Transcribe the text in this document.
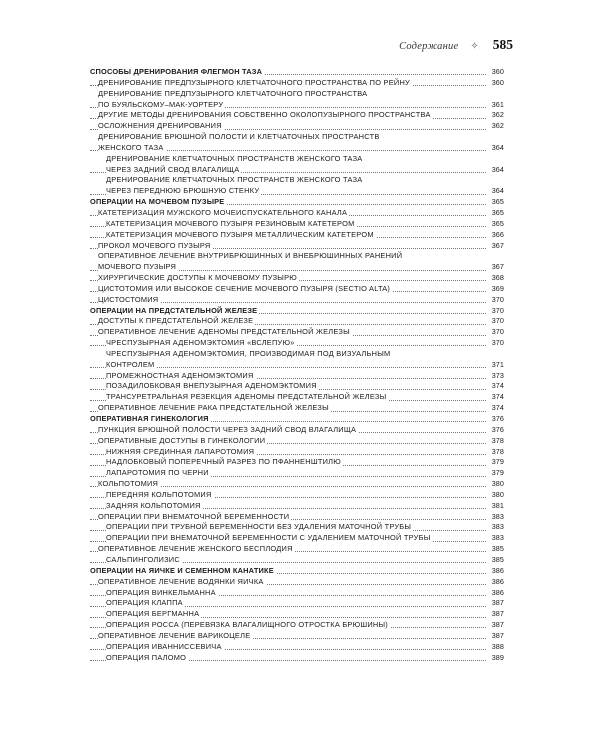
Содержание ✧ 585
СПОСОБЫ ДРЕНИРОВАНИЯ ФЛЕГМОН ТАЗА	360
ДРЕНИРОВАНИЕ ПРЕДПУЗЫРНОГО КЛЕТЧАТОЧНОГО ПРОСТРАНСТВА ПО РЕЙНУ	360
ДРЕНИРОВАНИЕ ПРЕДПУЗЫРНОГО КЛЕТЧАТОЧНОГО ПРОСТРАНСТВА
ПО БУЯЛЬСКОМУ–МАК-УОРТЕРУ	361
ДРУГИЕ МЕТОДЫ ДРЕНИРОВАНИЯ СОБСТВЕННО ОКОЛОПУЗЫРНОГО ПРОСТРАНСТВА	362
ОСЛОЖНЕНИЯ ДРЕНИРОВАНИЯ	362
ДРЕНИРОВАНИЕ БРЮШНОЙ ПОЛОСТИ И КЛЕТЧАТОЧНЫХ ПРОСТРАНСТВ
ЖЕНСКОГО ТАЗА	364
ДРЕНИРОВАНИЕ КЛЕТЧАТОЧНЫХ ПРОСТРАНСТВ ЖЕНСКОГО ТАЗА
ЧЕРЕЗ ЗАДНИЙ СВОД ВЛАГАЛИЩА	364
ДРЕНИРОВАНИЕ КЛЕТЧАТОЧНЫХ ПРОСТРАНСТВ ЖЕНСКОГО ТАЗА
ЧЕРЕЗ ПЕРЕДНЮЮ БРЮШНУЮ СТЕНКУ	364
ОПЕРАЦИИ НА МОЧЕВОМ ПУЗЫРЕ	365
КАТЕТЕРИЗАЦИЯ МУЖСКОГО МОЧЕИСПУСКАТЕЛЬНОГО КАНАЛА	365
КАТЕТЕРИЗАЦИЯ МОЧЕВОГО ПУЗЫРЯ РЕЗИНОВЫМ КАТЕТЕРОМ	365
КАТЕТЕРИЗАЦИЯ МОЧЕВОГО ПУЗЫРЯ МЕТАЛЛИЧЕСКИМ КАТЕТЕРОМ	366
ПРОКОЛ МОЧЕВОГО ПУЗЫРЯ	367
ОПЕРАТИВНОЕ ЛЕЧЕНИЕ ВНУТРИБРЮШИННЫХ И ВНЕБРЮШИННЫХ РАНЕНИЙ
МОЧЕВОГО ПУЗЫРЯ	367
ХИРУРГИЧЕСКИЕ ДОСТУПЫ К МОЧЕВОМУ ПУЗЫРЮ	368
ЦИСТОТОМИЯ ИЛИ ВЫСОКОЕ СЕЧЕНИЕ МОЧЕВОГО ПУЗЫРЯ (SECTIO ALTA)	369
ЦИСТОСТОМИЯ	370
ОПЕРАЦИИ НА ПРЕДСТАТЕЛЬНОЙ ЖЕЛЕЗЕ	370
ДОСТУПЫ К ПРЕДСТАТЕЛЬНОЙ ЖЕЛЕЗЕ	370
ОПЕРАТИВНОЕ ЛЕЧЕНИЕ АДЕНОМЫ ПРЕДСТАТЕЛЬНОЙ ЖЕЛЕЗЫ	370
ЧРЕСПУЗЫРНАЯ АДЕНОМЭКТОМИЯ «ВСЛЕПУЮ»	370
ЧРЕСПУЗЫРНАЯ АДЕНОМЭКТОМИЯ, ПРОИЗВОДИМАЯ ПОД ВИЗУАЛЬНЫМ
КОНТРОЛЕМ	371
ПРОМЕЖНОСТНАЯ АДЕНОМЭКТОМИЯ	373
ПОЗАДИЛОБКОВАЯ ВНЕПУЗЫРНАЯ АДЕНОМЭКТОМИЯ	374
ТРАНСУРЕТРАЛЬНАЯ РЕЗЕКЦИЯ АДЕНОМЫ ПРЕДСТАТЕЛЬНОЙ ЖЕЛЕЗЫ	374
ОПЕРАТИВНОЕ ЛЕЧЕНИЕ РАКА ПРЕДСТАТЕЛЬНОЙ ЖЕЛЕЗЫ	374
ОПЕРАТИВНАЯ ГИНЕКОЛОГИЯ	376
ПУНКЦИЯ БРЮШНОЙ ПОЛОСТИ ЧЕРЕЗ ЗАДНИЙ СВОД ВЛАГАЛИЩА	376
ОПЕРАТИВНЫЕ ДОСТУПЫ В ГИНЕКОЛОГИИ	378
НИЖНЯЯ СРЕДИННАЯ ЛАПАРОТОМИЯ	378
НАДЛОБКОВЫЙ ПОПЕРЕЧНЫЙ РАЗРЕЗ ПО ПФАННЕНШТИЛЮ	379
ЛАПАРОТОМИЯ ПО ЧЕРНИ	379
КОЛЬПОТОМИЯ	380
ПЕРЕДНЯЯ КОЛЬПОТОМИЯ	380
ЗАДНЯЯ КОЛЬПОТОМИЯ	381
ОПЕРАЦИИ ПРИ ВНЕМАТОЧНОЙ БЕРЕМЕННОСТИ	383
ОПЕРАЦИИ ПРИ ТРУБНОЙ БЕРЕМЕННОСТИ БЕЗ УДАЛЕНИЯ МАТОЧНОЙ ТРУБЫ	383
ОПЕРАЦИИ ПРИ ВНЕМАТОЧНОЙ БЕРЕМЕННОСТИ С УДАЛЕНИЕМ МАТОЧНОЙ ТРУБЫ	383
ОПЕРАТИВНОЕ ЛЕЧЕНИЕ ЖЕНСКОГО БЕСПЛОДИЯ	385
САЛЬПИНГОЛИЗИС	385
ОПЕРАЦИИ НА ЯИЧКЕ И СЕМЕННОМ КАНАТИКЕ	386
ОПЕРАТИВНОЕ ЛЕЧЕНИЕ ВОДЯНКИ ЯИЧКА	386
ОПЕРАЦИЯ ВИНКЕЛЬМАННА	386
ОПЕРАЦИЯ КЛАППА	387
ОПЕРАЦИЯ БЕРГМАННА	387
ОПЕРАЦИЯ РОССА (ПЕРЕВЯЗКА ВЛАГАЛИЩНОГО ОТРОСТКА БРЮШИНЫ)	387
ОПЕРАТИВНОЕ ЛЕЧЕНИЕ ВАРИКОЦЕЛЕ	387
ОПЕРАЦИЯ ИВАННИССЕВИЧА	388
ОПЕРАЦИЯ ПАЛОМО	389
